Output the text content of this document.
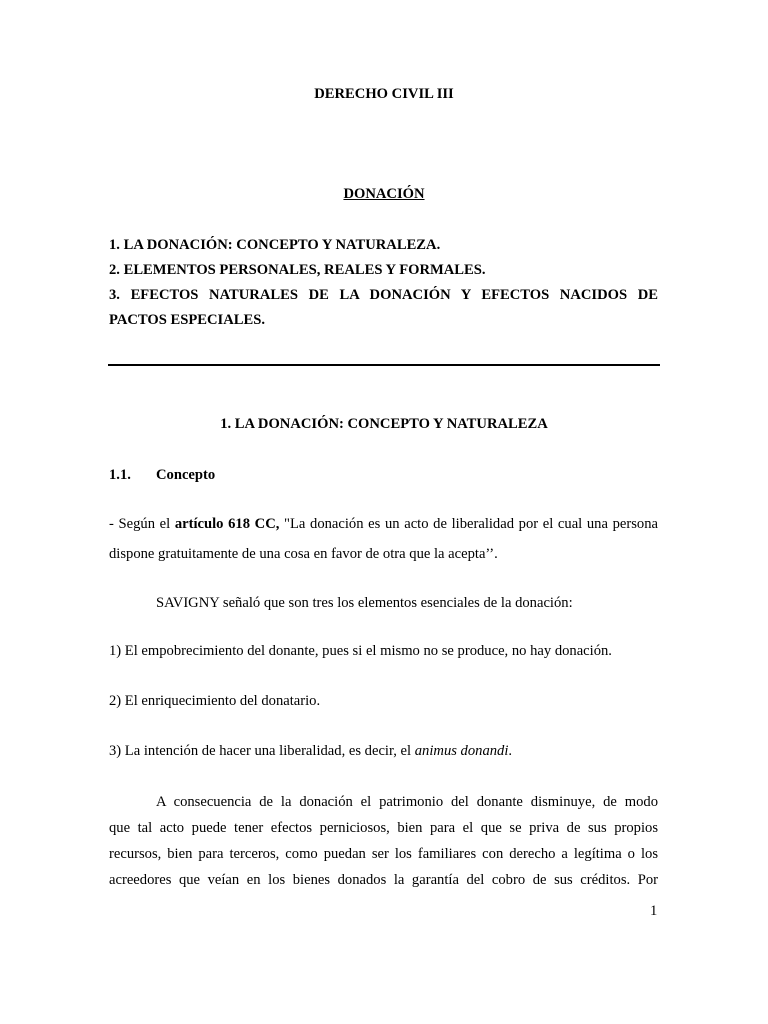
DERECHO CIVIL III
DONACIÓN
1. LA DONACIÓN: CONCEPTO Y NATURALEZA.
2. ELEMENTOS PERSONALES, REALES Y FORMALES.
3. EFECTOS NATURALES DE LA DONACIÓN Y EFECTOS NACIDOS DE
PACTOS ESPECIALES.
1. LA DONACIÓN: CONCEPTO Y NATURALEZA
1.1. Concepto
- Según el artículo 618 CC, "La donación es un acto de liberalidad por el cual una persona
dispone gratuitamente de una cosa en favor de otra que la acepta’’.
SAVIGNY señaló que son tres los elementos esenciales de la donación:
1) El empobrecimiento del donante, pues si el mismo no se produce, no hay donación.
2) El enriquecimiento del donatario.
3) La intención de hacer una liberalidad, es decir, el animus donandi.
A consecuencia de la donación el patrimonio del donante disminuye, de modo
que tal acto puede tener efectos perniciosos, bien para el que se priva de sus propios
recursos, bien para terceros, como puedan ser los familiares con derecho a legítima o los
acreedores que veían en los bienes donados la garantía del cobro de sus créditos. Por
1
